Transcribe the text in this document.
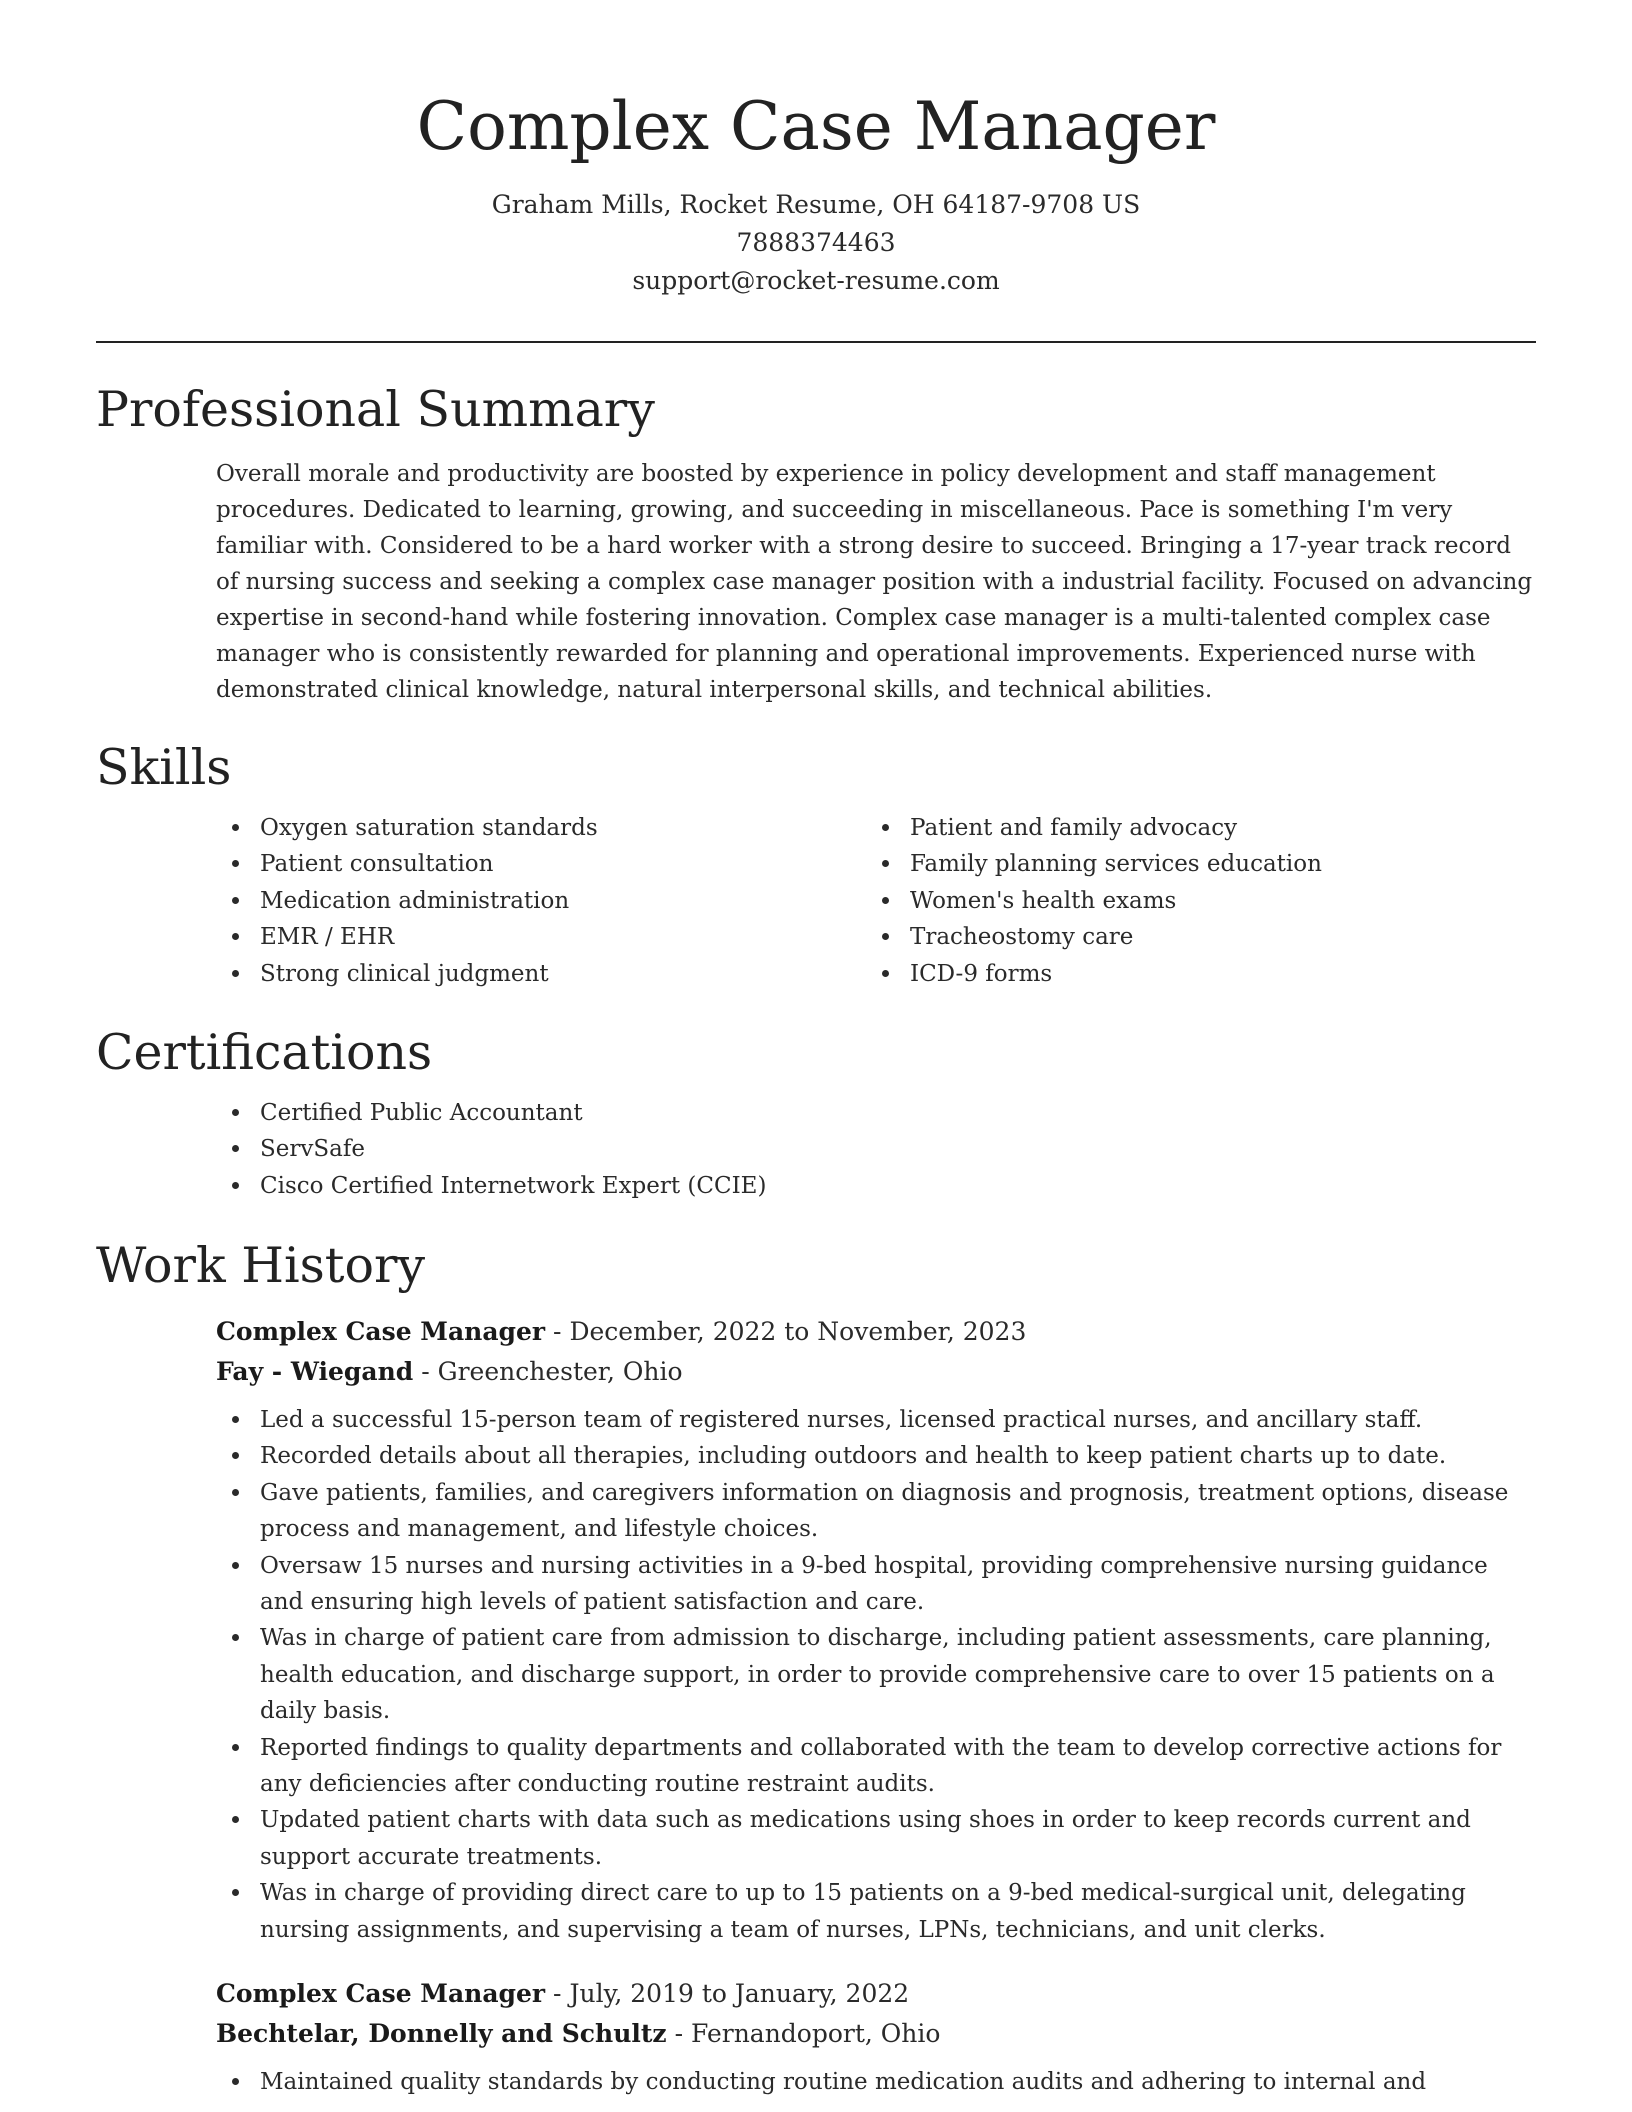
Complex Case Manager
Graham Mills, Rocket Resume, OH 64187-9708 US
7888374463
support@rocket-resume.com
Professional Summary
Overall morale and productivity are boosted by experience in policy development and staff management procedures. Dedicated to learning, growing, and succeeding in miscellaneous. Pace is something I'm very familiar with. Considered to be a hard worker with a strong desire to succeed. Bringing a 17-year track record of nursing success and seeking a complex case manager position with a industrial facility. Focused on advancing expertise in second-hand while fostering innovation. Complex case manager is a multi-talented complex case manager who is consistently rewarded for planning and operational improvements. Experienced nurse with demonstrated clinical knowledge, natural interpersonal skills, and technical abilities.
Skills
Oxygen saturation standards
Patient consultation
Medication administration
EMR / EHR
Strong clinical judgment
Patient and family advocacy
Family planning services education
Women's health exams
Tracheostomy care
ICD-9 forms
Certifications
Certified Public Accountant
ServSafe
Cisco Certified Internetwork Expert (CCIE)
Work History
Complex Case Manager - December, 2022 to November, 2023
Fay - Wiegand - Greenchester, Ohio
Led a successful 15-person team of registered nurses, licensed practical nurses, and ancillary staff.
Recorded details about all therapies, including outdoors and health to keep patient charts up to date.
Gave patients, families, and caregivers information on diagnosis and prognosis, treatment options, disease process and management, and lifestyle choices.
Oversaw 15 nurses and nursing activities in a 9-bed hospital, providing comprehensive nursing guidance and ensuring high levels of patient satisfaction and care.
Was in charge of patient care from admission to discharge, including patient assessments, care planning, health education, and discharge support, in order to provide comprehensive care to over 15 patients on a daily basis.
Reported findings to quality departments and collaborated with the team to develop corrective actions for any deficiencies after conducting routine restraint audits.
Updated patient charts with data such as medications using shoes in order to keep records current and support accurate treatments.
Was in charge of providing direct care to up to 15 patients on a 9-bed medical-surgical unit, delegating nursing assignments, and supervising a team of nurses, LPNs, technicians, and unit clerks.
Complex Case Manager - July, 2019 to January, 2022
Bechtelar, Donnelly and Schultz - Fernandoport, Ohio
Maintained quality standards by conducting routine medication audits and adhering to internal and
